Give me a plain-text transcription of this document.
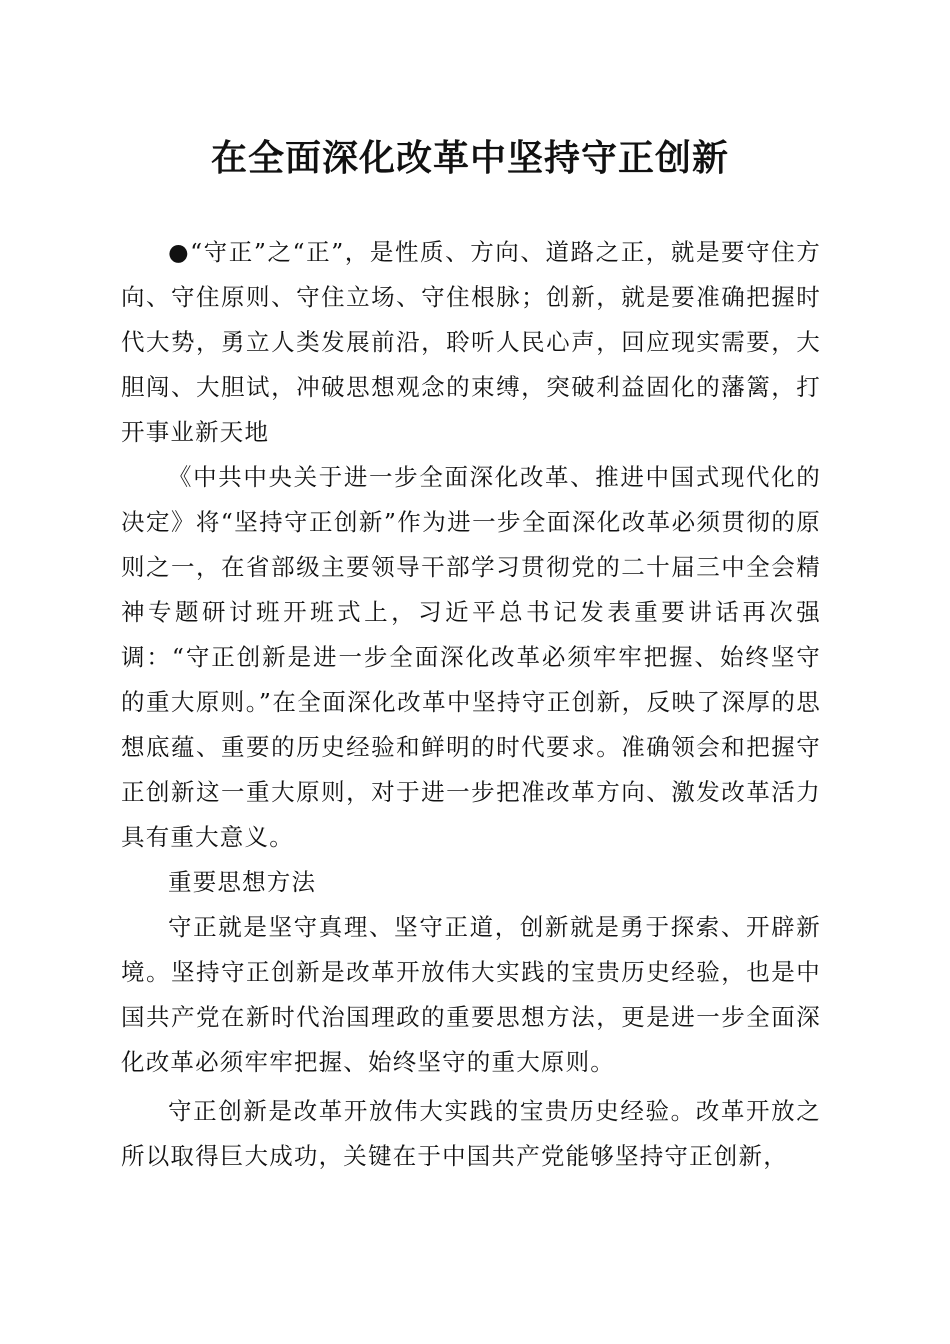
在全面深化改革中坚持守正创新

●“守正”之“正”，是性质、方向、道路之正，就是要守住方向、守住原则、守住立场、守住根脉；创新，就是要准确把握时代大势，勇立人类发展前沿，聆听人民心声，回应现实需要，大胆闯、大胆试，冲破思想观念的束缚，突破利益固化的藩篱，打开事业新天地

《中共中央关于进一步全面深化改革、推进中国式现代化的决定》将“坚持守正创新”作为进一步全面深化改革必须贯彻的原则之一，在省部级主要领导干部学习贯彻党的二十届三中全会精神专题研讨班开班式上，习近平总书记发表重要讲话再次强调：“守正创新是进一步全面深化改革必须牢牢把握、始终坚守的重大原则。”在全面深化改革中坚持守正创新，反映了深厚的思想底蕴、重要的历史经验和鲜明的时代要求。准确领会和把握守正创新这一重大原则，对于进一步把准改革方向、激发改革活力具有重大意义。

重要思想方法

守正就是坚守真理、坚守正道，创新就是勇于探索、开辟新境。坚持守正创新是改革开放伟大实践的宝贵历史经验，也是中国共产党在新时代治国理政的重要思想方法，更是进一步全面深化改革必须牢牢把握、始终坚守的重大原则。

守正创新是改革开放伟大实践的宝贵历史经验。改革开放之所以取得巨大成功，关键在于中国共产党能够坚持守正创新，
